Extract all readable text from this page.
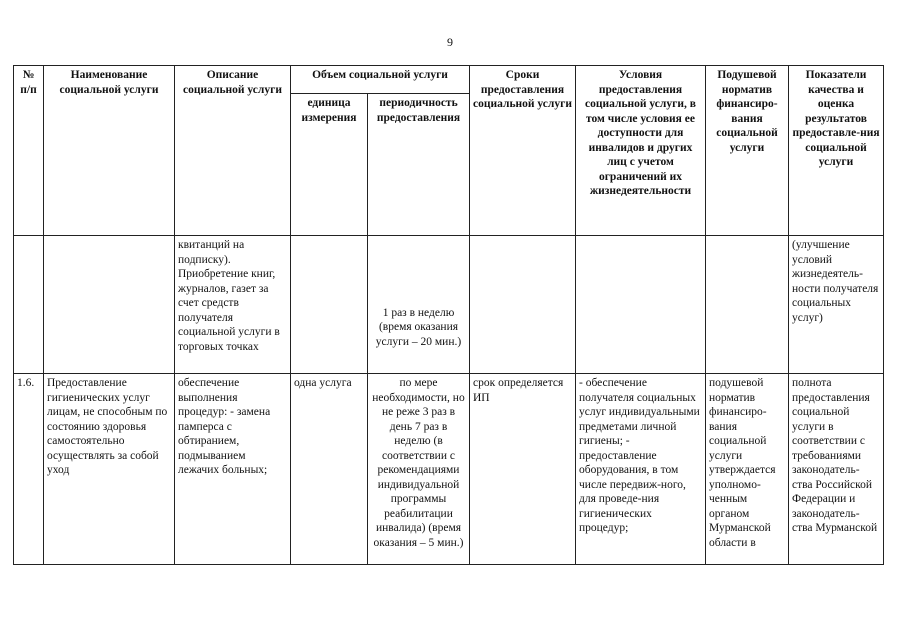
9
№ п/п	Наименование социальной услуги	Описание социальной услуги	Объем социальной услуги		Сроки предоставления социальной услуги	Условия предоставления социальной услуги, в том числе условия ее доступности для инвалидов и других лиц с учетом ограничений их жизнедеятельности	Подушевой норматив финансиро-вания социальной услуги	Показатели качества и оценка результатов предоставле-ния социальной услуги
			единица измерения	периодичность предоставления				
		квитанций на подписку). Приобретение книг, журналов, газет за счет средств получателя социальной услуги в торговых точках		1 раз в неделю (время оказания услуги – 20 мин.)				(улучшение условий жизнедеятель-ности получателя социальных услуг)
1.6.	Предоставление гигиенических услуг лицам, не способным по состоянию здоровья самостоятельно осуществлять за собой уход	обеспечение выполнения процедур: - замена памперса с обтиранием, подмыванием лежачих больных;	одна услуга	по мере необходимости, но не реже 3 раз в день 7 раз в неделю (в соответствии с рекомендациями индивидуальной программы реабилитации инвалида) (время оказания – 5 мин.)	срок определяется ИП	- обеспечение получателя социальных услуг индивидуальными предметами личной гигиены; - предоставление оборудования, в том числе передвиж-ного, для проведе-ния гигиенических процедур;	подушевой норматив финансиро-вания социальной услуги утверждается уполномо-ченным органом Мурманской области в	полнота предоставления социальной услуги в соответствии с требованиями законодатель-ства Российской Федерации и законодатель-ства Мурманской
